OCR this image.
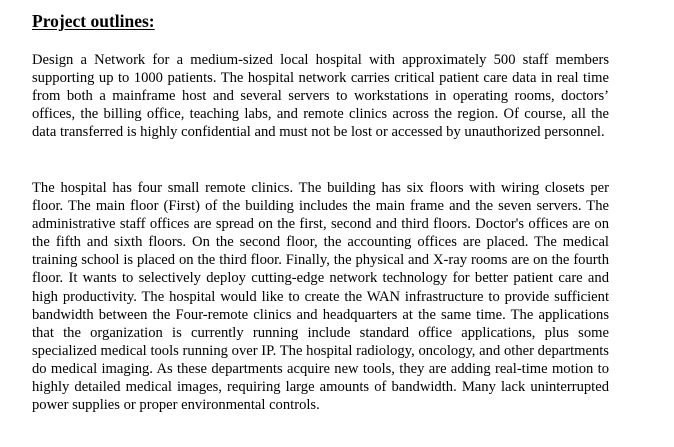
Project outlines:

Design a Network for a medium-sized local hospital with approximately 500 staff members supporting up to 1000 patients. The hospital network carries critical patient care data in real time from both a mainframe host and several servers to workstations in operating rooms, doctors’ offices, the billing office, teaching labs, and remote clinics across the region. Of course, all the data transferred is highly confidential and must not be lost or accessed by unauthorized personnel.

The hospital has four small remote clinics. The building has six floors with wiring closets per floor. The main floor (First) of the building includes the main frame and the seven servers. The administrative staff offices are spread on the first, second and third floors. Doctor's offices are on the fifth and sixth floors. On the second floor, the accounting offices are placed. The medical training school is placed on the third floor. Finally, the physical and X-ray rooms are on the fourth floor. It wants to selectively deploy cutting-edge network technology for better patient care and high productivity. The hospital would like to create the WAN infrastructure to provide sufficient bandwidth between the Four-remote clinics and headquarters at the same time. The applications that the organization is currently running include standard office applications, plus some specialized medical tools running over IP. The hospital radiology, oncology, and other departments do medical imaging. As these departments acquire new tools, they are adding real-time motion to highly detailed medical images, requiring large amounts of bandwidth. Many lack uninterrupted power supplies or proper environmental controls.
